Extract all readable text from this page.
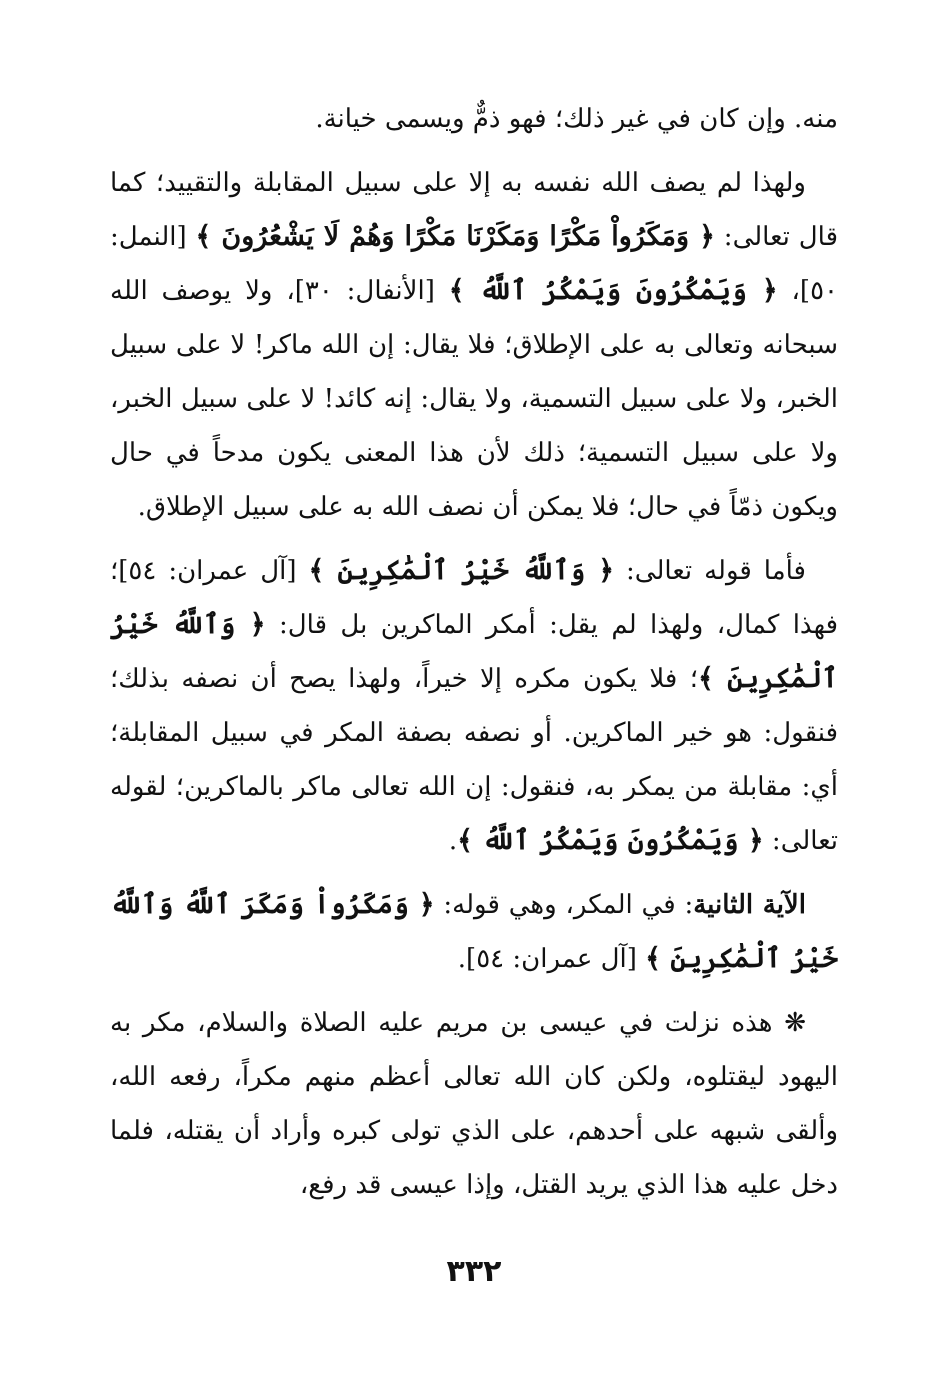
منه. وإن كان في غير ذلك؛ فهو ذمٌّ ويسمى خيانة.

ولهذا لم يصف الله نفسه به إلا على سبيل المقابلة والتقييد؛ كما قال تعالى: ﴿ وَمَكَرُواْ مَكْرًا وَمَكَرْنَا مَكْرًا وَهُمْ لَا يَشْعُرُونَ ﴾ [النمل: ٥٠]، ﴿ وَيَمْكُرُونَ وَيَمْكُرُ ٱللَّهُ ﴾ [الأنفال: ٣٠]، ولا يوصف الله سبحانه وتعالى به على الإطلاق؛ فلا يقال: إن الله ماكر! لا على سبيل الخبر، ولا على سبيل التسمية، ولا يقال: إنه كائد! لا على سبيل الخبر، ولا على سبيل التسمية؛ ذلك لأن هذا المعنى يكون مدحاً في حال ويكون ذمّاً في حال؛ فلا يمكن أن نصف الله به على سبيل الإطلاق.

فأما قوله تعالى: ﴿ وَٱللَّهُ خَيْرُ ٱلْمَٰكِرِينَ ﴾ [آل عمران: ٥٤]؛ فهذا كمال، ولهذا لم يقل: أمكر الماكرين بل قال: ﴿ وَٱللَّهُ خَيْرُ ٱلْمَٰكِرِينَ ﴾؛ فلا يكون مكره إلا خيراً، ولهذا يصح أن نصفه بذلك؛ فنقول: هو خير الماكرين. أو نصفه بصفة المكر في سبيل المقابلة؛ أي: مقابلة من يمكر به، فنقول: إن الله تعالى ماكر بالماكرين؛ لقوله تعالى: ﴿ وَيَمْكُرُونَ وَيَمْكُرُ ٱللَّهُ ﴾.

الآية الثانية: في المكر، وهي قوله: ﴿ وَمَكَرُواْ وَمَكَرَ ٱللَّهُ وَٱللَّهُ خَيْرُ ٱلْمَٰكِرِينَ ﴾ [آل عمران: ٥٤].

❋ هذه نزلت في عيسى بن مريم عليه الصلاة والسلام، مكر به اليهود ليقتلوه، ولكن كان الله تعالى أعظم منهم مكراً، رفعه الله، وألقى شبهه على أحدهم، على الذي تولى كبره وأراد أن يقتله، فلما دخل عليه هذا الذي يريد القتل، وإذا عيسى قد رفع،

٣٣٢
